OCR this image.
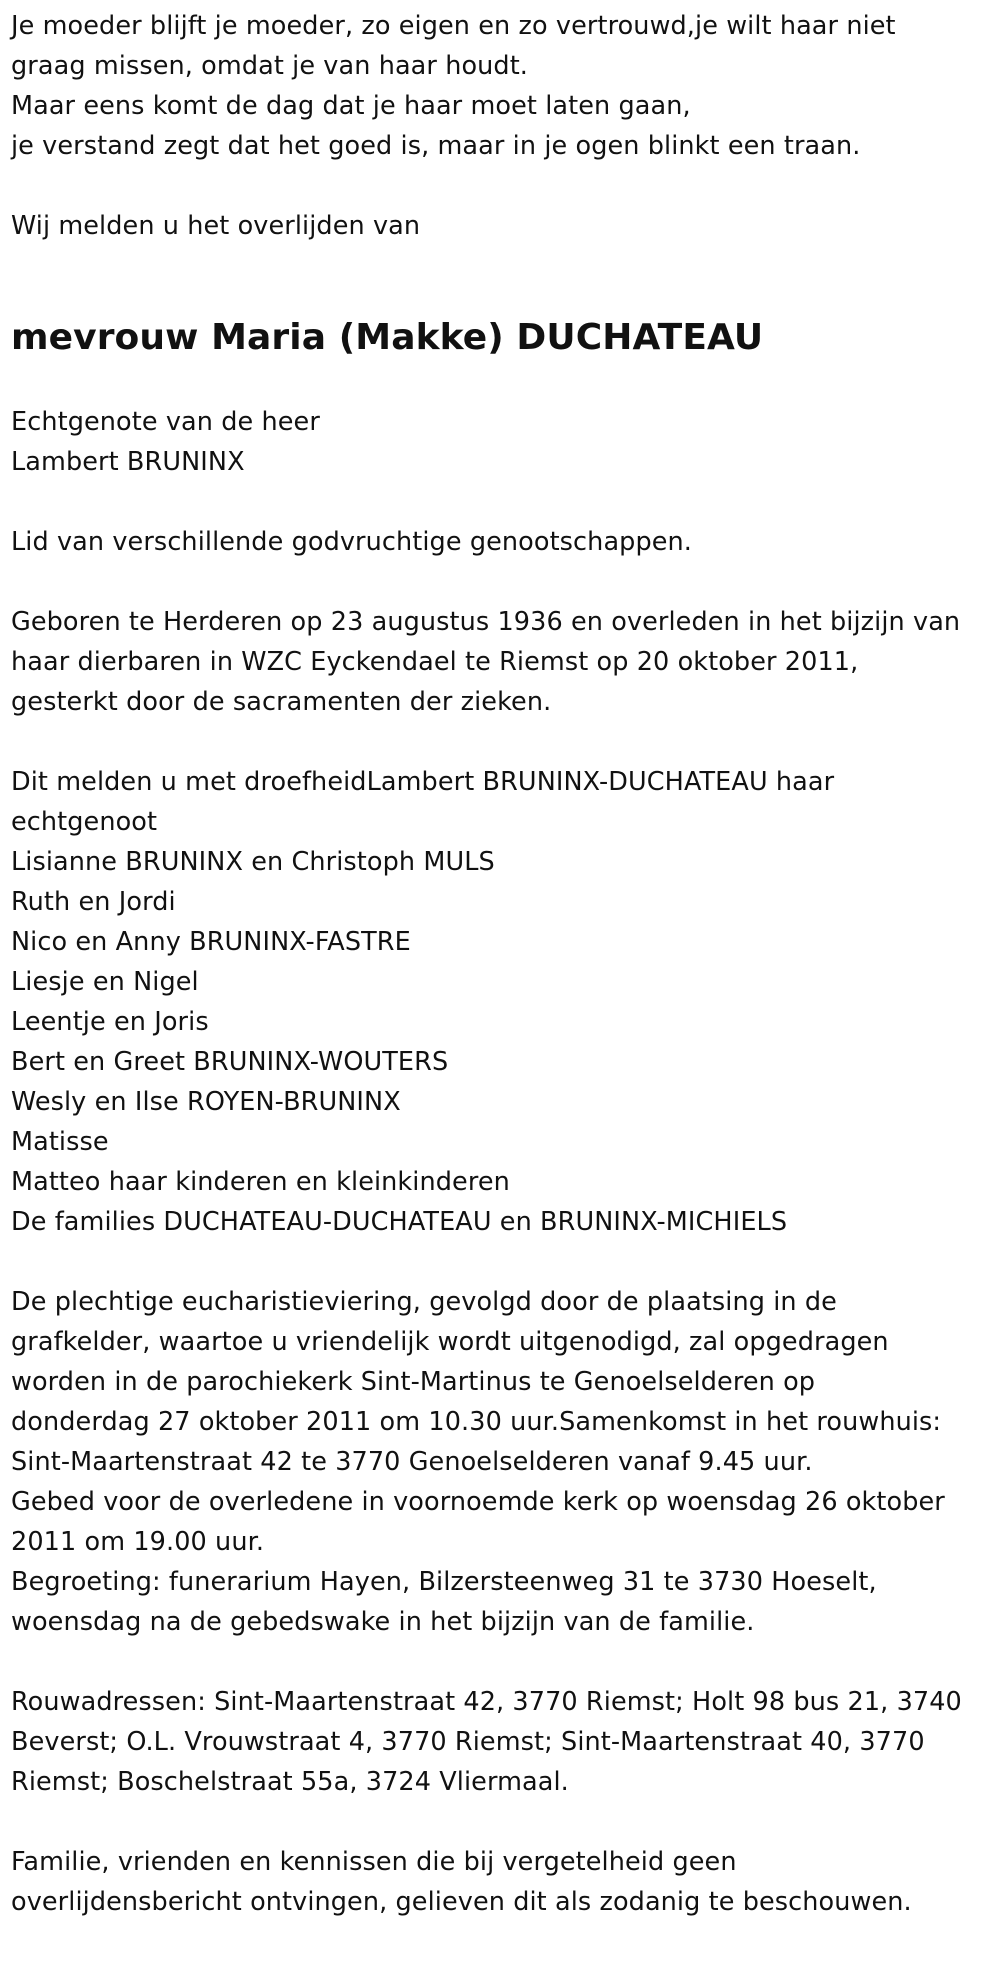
Je moeder blijft je moeder, zo eigen en zo vertrouwd,je wilt haar niet
graag missen, omdat je van haar houdt.
Maar eens komt de dag dat je haar moet laten gaan,
je verstand zegt dat het goed is, maar in je ogen blinkt een traan.
Wij melden u het overlijden van
mevrouw Maria (Makke) DUCHATEAU
Echtgenote van de heer
Lambert BRUNINX
Lid van verschillende godvruchtige genootschappen.
Geboren te Herderen op 23 augustus 1936 en overleden in het bijzijn van
haar dierbaren in WZC Eyckendael te Riemst op 20 oktober 2011,
gesterkt door de sacramenten der zieken.
Dit melden u met droefheidLambert BRUNINX-DUCHATEAU haar
echtgenoot
Lisianne BRUNINX en Christoph MULS
Ruth en Jordi
Nico en Anny BRUNINX-FASTRE
Liesje en Nigel
Leentje en Joris
Bert en Greet BRUNINX-WOUTERS
Wesly en Ilse ROYEN-BRUNINX
Matisse
Matteo haar kinderen en kleinkinderen
De families DUCHATEAU-DUCHATEAU en BRUNINX-MICHIELS
De plechtige eucharistieviering, gevolgd door de plaatsing in de
grafkelder, waartoe u vriendelijk wordt uitgenodigd, zal opgedragen
worden in de parochiekerk Sint-Martinus te Genoelselderen op
donderdag 27 oktober 2011 om 10.30 uur.Samenkomst in het rouwhuis:
Sint-Maartenstraat 42 te 3770 Genoelselderen vanaf 9.45 uur.
Gebed voor de overledene in voornoemde kerk op woensdag 26 oktober
2011 om 19.00 uur.
Begroeting: funerarium Hayen, Bilzersteenweg 31 te 3730 Hoeselt,
woensdag na de gebedswake in het bijzijn van de familie.
Rouwadressen: Sint-Maartenstraat 42, 3770 Riemst; Holt 98 bus 21, 3740
Beverst; O.L. Vrouwstraat 4, 3770 Riemst; Sint-Maartenstraat 40, 3770
Riemst; Boschelstraat 55a, 3724 Vliermaal.
Familie, vrienden en kennissen die bij vergetelheid geen
overlijdensbericht ontvingen, gelieven dit als zodanig te beschouwen.
